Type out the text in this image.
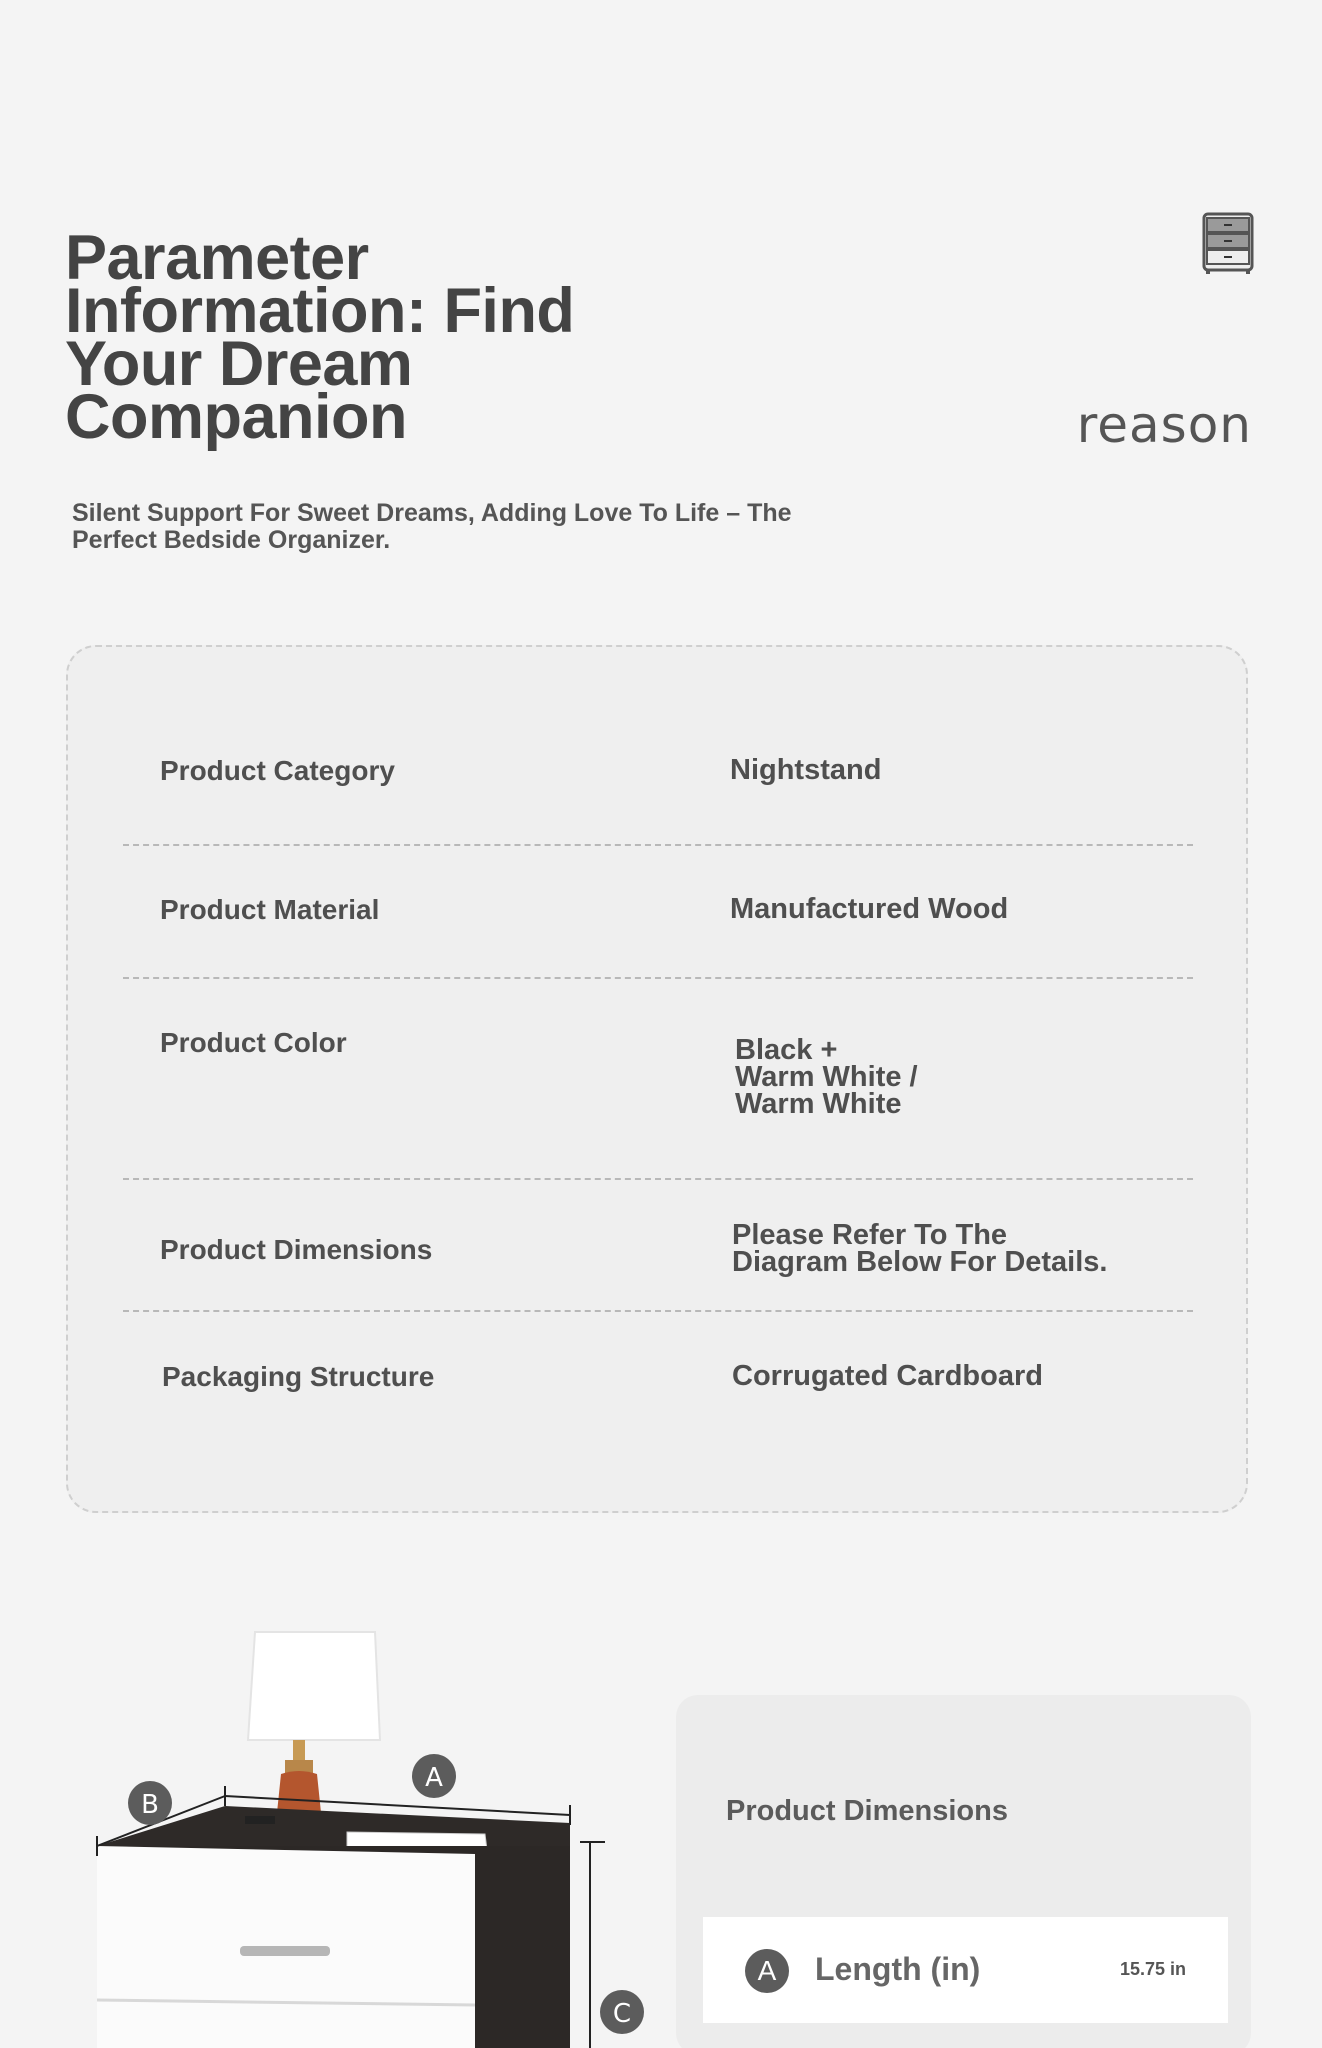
Parameter Information: Find Your Dream Companion

Silent Support For Sweet Dreams, Adding Love To Life – The Perfect Bedside Organizer.

reason
Product Category	Nightstand
Product Material	Manufactured Wood
Product Color	Black +
Warm White /
Warm White
Product Dimensions	Please Refer To The
Diagram Below For Details.
Packaging Structure	Corrugated Cardboard
A
B
C
Product Dimensions
A	Length (in)	15.75 in
